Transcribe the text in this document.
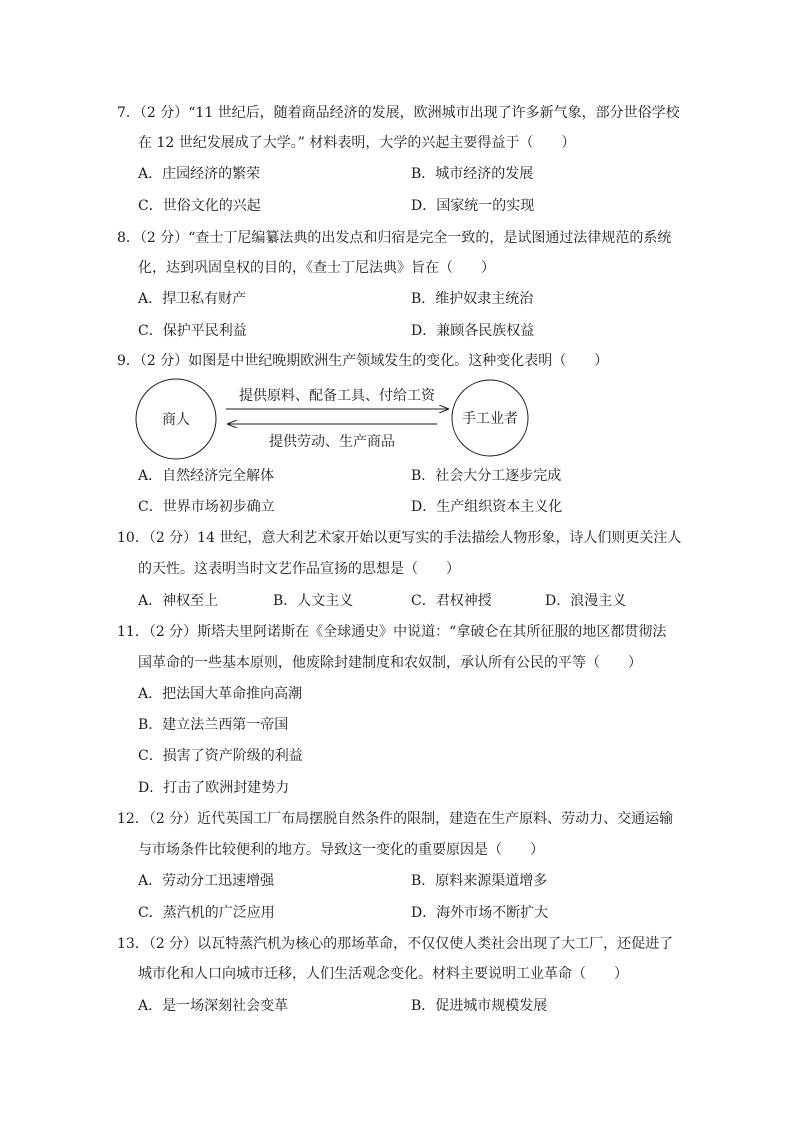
7．（2 分）“11 世纪后，随着商品经济的发展，欧洲城市出现了许多新气象，部分世俗学校
在 12 世纪发展成了大学。” 材料表明，大学的兴起主要得益于（　　）
A．庄园经济的繁荣	B．城市经济的发展
C．世俗文化的兴起	D．国家统一的实现
8．（2 分）“查士丁尼编纂法典的出发点和归宿是完全一致的，是试图通过法律规范的系统
化，达到巩固皇权的目的，《查士丁尼法典》旨在（　　）
A．捍卫私有财产	B．维护奴隶主统治
C．保护平民利益	D．兼顾各民族权益
9．（2 分）如图是中世纪晚期欧洲生产领域发生的变化。这种变化表明（　　）
商人	手工业者
提供原料、配备工具、付给工资
提供劳动、生产商品
A．自然经济完全解体	B．社会大分工逐步完成
C．世界市场初步确立	D．生产组织资本主义化
10．（2 分）14 世纪，意大利艺术家开始以更写实的手法描绘人物形象，诗人们则更关注人
的天性。这表明当时文艺作品宣扬的思想是（　　）
A．神权至上	B．人文主义	C．君权神授	D．浪漫主义
11．（2 分）斯塔夫里阿诺斯在《全球通史》中说道：“拿破仑在其所征服的地区都贯彻法
国革命的一些基本原则，他废除封建制度和农奴制，承认所有公民的平等（　　）
A．把法国大革命推向高潮
B．建立法兰西第一帝国
C．损害了资产阶级的利益
D．打击了欧洲封建势力
12．（2 分）近代英国工厂布局摆脱自然条件的限制，建造在生产原料、劳动力、交通运输
与市场条件比较便利的地方。导致这一变化的重要原因是（　　）
A．劳动分工迅速增强	B．原料来源渠道增多
C．蒸汽机的广泛应用	D．海外市场不断扩大
13．（2 分）以瓦特蒸汽机为核心的那场革命，不仅仅使人类社会出现了大工厂，还促进了
城市化和人口向城市迁移，人们生活观念变化。材料主要说明工业革命（　　）
A．是一场深刻社会变革	B．促进城市规模发展
